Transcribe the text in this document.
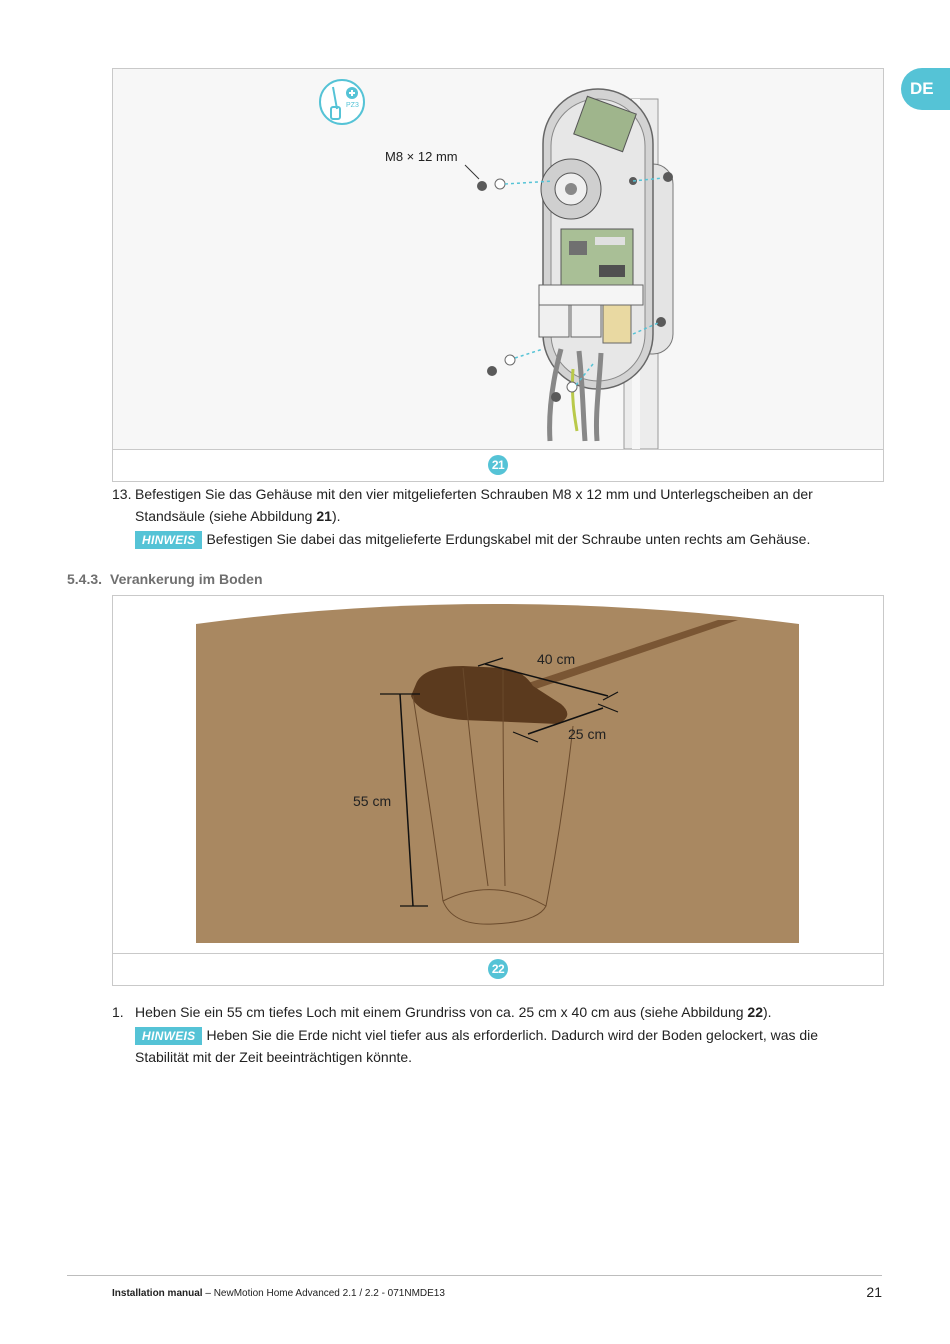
DE
PZ3
M8 × 12 mm
21
13. Befestigen Sie das Gehäuse mit den vier mitgelieferten Schrauben M8 x 12 mm und Unterlegscheiben an der Standsäule (siehe Abbildung 21).
HINWEIS Befestigen Sie dabei das mitgelieferte Erdungskabel mit der Schraube unten rechts am Gehäuse.
5.4.3. Verankerung im Boden
55 cm
40 cm
25 cm
22
1. Heben Sie ein 55 cm tiefes Loch mit einem Grundriss von ca. 25 cm x 40 cm aus (siehe Abbildung 22).
HINWEIS Heben Sie die Erde nicht viel tiefer aus als erforderlich. Dadurch wird der Boden gelockert, was die Stabilität mit der Zeit beeinträchtigen könnte.
Installation manual – NewMotion Home Advanced 2.1 / 2.2 - 071NMDE13	21
